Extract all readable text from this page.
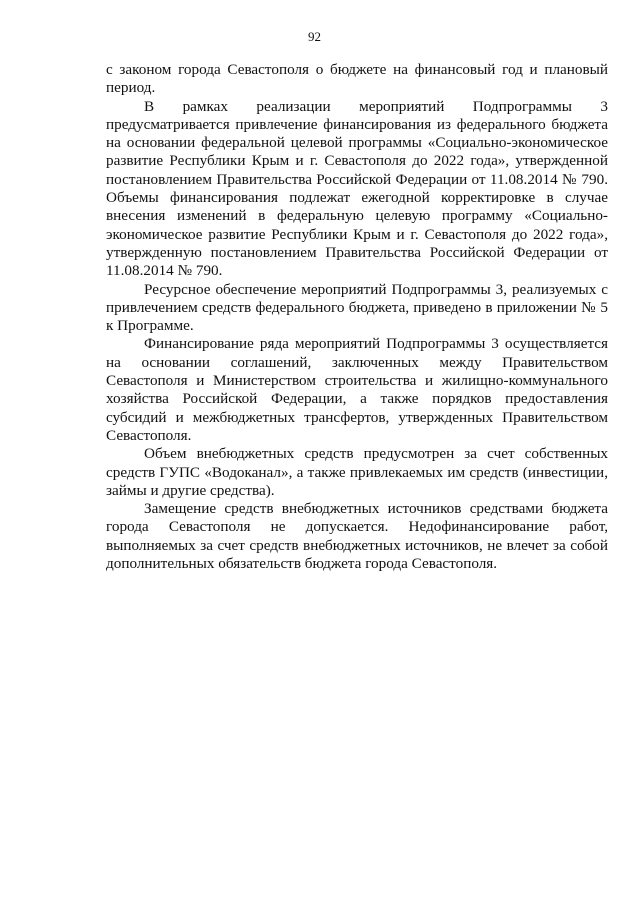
92

с законом города Севастополя о бюджете на финансовый год и плановый период.

В рамках реализации мероприятий Подпрограммы 3 предусматривается привлечение финансирования из федерального бюджета на основании федеральной целевой программы «Социально-экономическое развитие Республики Крым и г. Севастополя до 2022 года», утвержденной постановлением Правительства Российской Федерации от 11.08.2014 № 790. Объемы финансирования подлежат ежегодной корректировке в случае внесения изменений в федеральную целевую программу «Социально-экономическое развитие Республики Крым и г. Севастополя до 2022 года», утвержденную постановлением Правительства Российской Федерации от 11.08.2014 № 790.

Ресурсное обеспечение мероприятий Подпрограммы 3, реализуемых с привлечением средств федерального бюджета, приведено в приложении № 5 к Программе.

Финансирование ряда мероприятий Подпрограммы 3 осуществляется на основании соглашений, заключенных между Правительством Севастополя и Министерством строительства и жилищно-коммунального хозяйства Российской Федерации, а также порядков предоставления субсидий и межбюджетных трансфертов, утвержденных Правительством Севастополя.

Объем внебюджетных средств предусмотрен за счет собственных средств ГУПС «Водоканал», а также привлекаемых им средств (инвестиции, займы и другие средства).

Замещение средств внебюджетных источников средствами бюджета города Севастополя не допускается. Недофинансирование работ, выполняемых за счет средств внебюджетных источников, не влечет за собой дополнительных обязательств бюджета города Севастополя.
